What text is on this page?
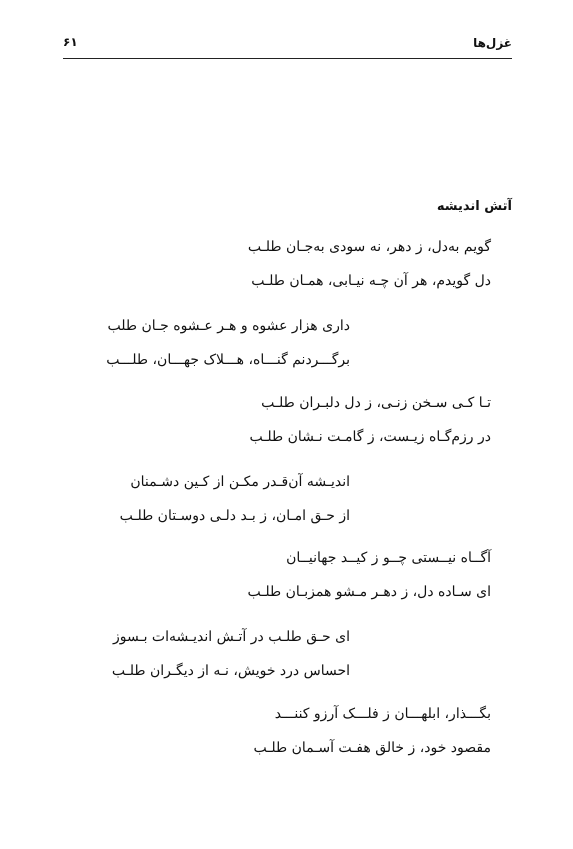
غزل‌ها
۶۱
آتش اندیشه
گویم به‌دل، ز دهر، نه سودی به‌جـان طلـب
دل گویدم، هر آن چـه نیـابی، همـان طلـب
داری هزار عشوه و هـر عـشوه جـان طلب
برگـــردنم گنـــاه، هـــلاک جهـــان، طلـــب
تـا کـی سـخن زنـی، ز دل دلبـران طلـب
در رزم‌گـاه زیـست، ز گامـت نـشان طلـب
اندیـشه آن‌قـدر مکـن از کـین دشـمنان
از حـق امـان، ز بـد دلـی دوسـتان طلـب
آگــاه نیــستی چــو ز کیــد جهانیــان
ای سـاده دل، ز دهـر مـشو همزبـان طلـب
ای حـق طلـب در آتـش اندیـشه‌ات بـسوز
احساس درد خویش، نـه از دیگـران طلـب
بگـــذار، ابلهـــان ز فلـــک آرزو کننـــد
مقصود خود، ز خالق هفـت آسـمان طلـب
